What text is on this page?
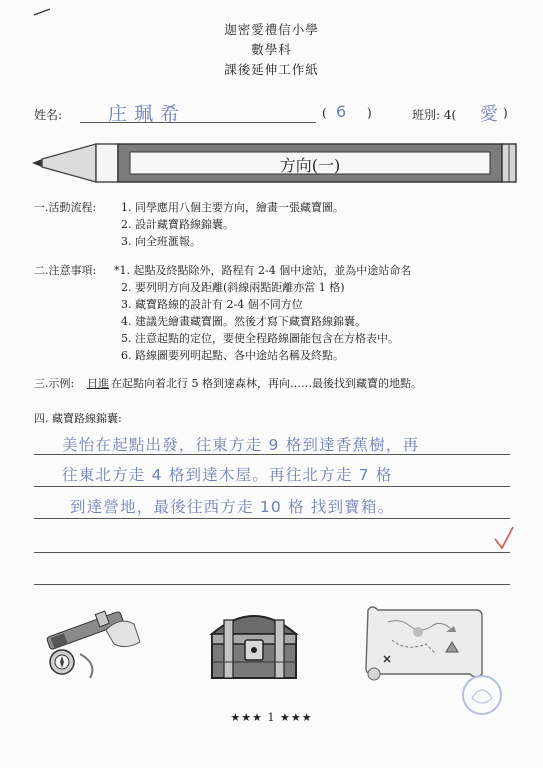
迦密愛禮信小學
數學科
課後延伸工作紙
姓名: 庄珮希	( 6 )	班別: 4( 愛 )
方向(一)
一.活動流程: 1. 同學應用八個主要方向，繪畫一張藏寶圖。
2. 設計藏寶路線錦囊。
3. 向全班滙報。
二.注意事項: *1. 起點及終點除外，路程有 2-4 個中途站，並為中途站命名
2. 要列明方向及距離(斜線兩點距離亦當 1 格)
3. 藏寶路線的設計有 2-4 個不同方位
4. 建議先繪畫藏寶圖。然後才寫下藏寶路線錦囊。
5. 注意起點的定位，要使全程路線圖能包含在方格表中。
6. 路線圖要列明起點、各中途站名稱及終點。
三.示例: 日進 在起點向着北行 5 格到達森林，再向……最後找到藏寶的地點。
四. 藏寶路線錦囊:
美怡在起點出發，往東方走 9 格到達香蕉樹，再
往東北方走 4 格到達木屋。再往北方走 7 格
到達營地，最後往西方走 10 格 找到寶箱。
★★★ 1 ★★★
